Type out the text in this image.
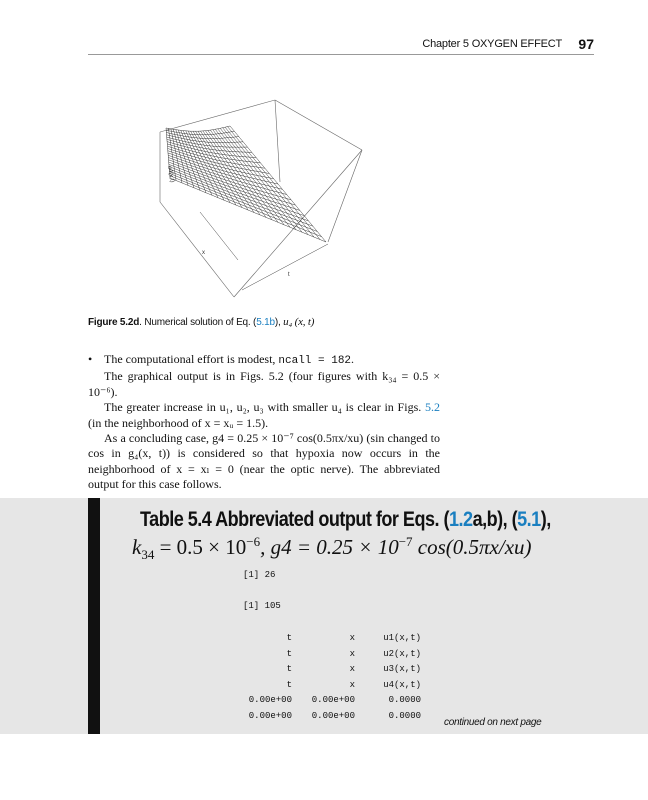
Chapter 5 OXYGEN EFFECT 97
u4(x,t)
x
t
Figure 5.2d. Numerical solution of Eq. (5.1b), u₄ (x, t)

• The computational effort is modest, ncall = 182.

The graphical output is in Figs. 5.2 (four figures with k₃₄ = 0.5 × 10⁻⁶).

The greater increase in u₁, u₂, u₃ with smaller u₄ is clear in Figs. 5.2 (in the neighborhood of x = xᵤ = 1.5).

As a concluding case, g4 = 0.25 × 10⁻⁷ cos(0.5πx/xu) (sin changed to cos in g₄(x, t)) is considered so that hypoxia now occurs in the neighborhood of x = xₗ = 0 (near the optic nerve). The abbreviated output for this case follows.

Table 5.4 Abbreviated output for Eqs. (1.2a,b), (5.1),
$k_{34} = 0.5 \times 10^{-6}$, $g4 = 0.25 \times 10^{-7}$ cos(0.5πx/xu)
[1] 26
[1] 105
t
t
t
t
0.00e+00
0.00e+00
x
x
x
x
0.00e+00
0.00e+00
u1(x,t)
u2(x,t)
u3(x,t)
u4(x,t)
0.0000
0.0000
continued on next page
